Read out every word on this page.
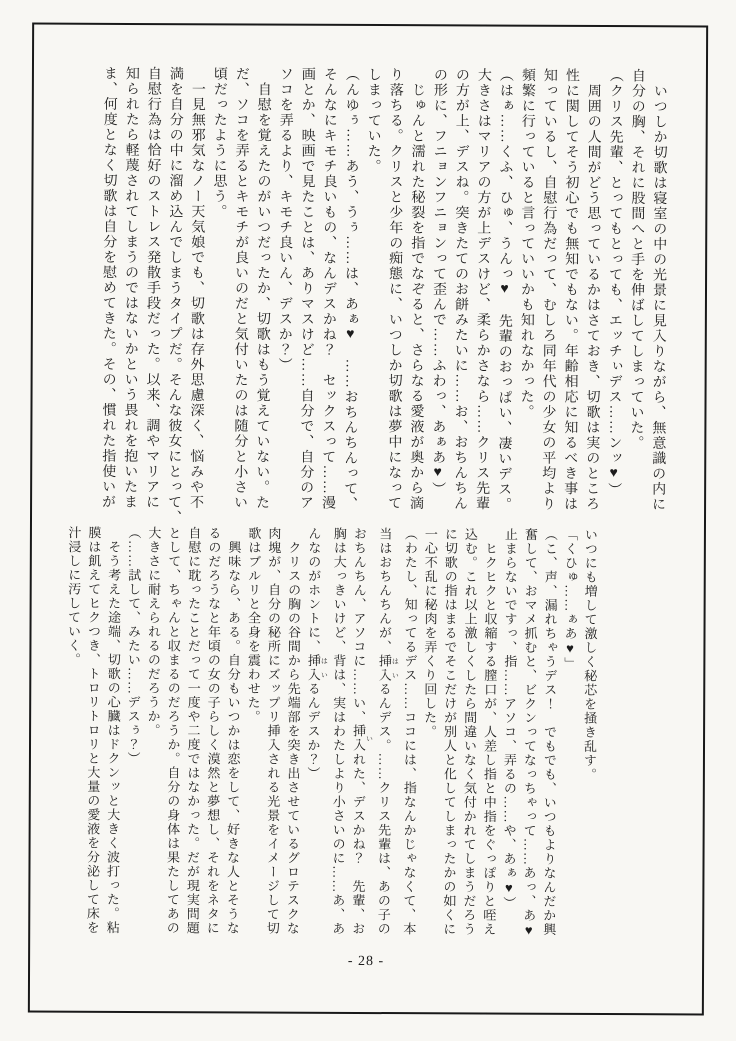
　いつしか切歌は寝室の中の光景に見入りながら、無意識の内に
自分の胸、それに股間へと手を伸ばしてしまっていた。
（クリス先輩、とってもとっても、エッチぃデス……ンッ♥）
　周囲の人間がどう思っているかはさておき、切歌は実のところ
性に関してそう初心でも無知でもない。年齢相応に知るべき事は
知っているし、自慰行為だって、むしろ同年代の少女の平均より
頻繁に行っていると言っていいかも知れなかった。
（はぁ……くふ、ひゅ、うんっ♥　先輩のおっぱい、凄いデス。
大きさはマリアの方が上デスけど、柔らかさなら……クリス先輩
の方が上、デスね。突きたてのお餅みたいに……お、おちんちん
の形に、フニョンフニョンって歪んで……ふわっ、あぁあ♥）
　じゅんと濡れた秘裂を指でなぞると、さらなる愛液が奥から滴
り落ちる。クリスと少年の痴態に、いつしか切歌は夢中になって
しまっていた。
（んゆぅ……あう、うぅ……は、あぁ♥　……おちんちんって、
そんなにキモチ良いもの、なんデスかね？　セックスって……漫
画とか、映画で見たことは、ありマスけど……自分で、自分のア
ソコを弄るより、キモチ良いん、デスか？）
　自慰を覚えたのがいつだったか、切歌はもう覚えていない。た
だ、ソコを弄るとキモチが良いのだと気付いたのは随分と小さい
頃だったように思う。
　一見無邪気なノー天気娘でも、切歌は存外思慮深く、悩みや不
満を自分の中に溜め込んでしまうタイプだ。そんな彼女にとって、
自慰行為は恰好のストレス発散手段だった。以来、調やマリアに
知られたら軽蔑されてしまうのではないかという畏れを抱いたま
ま、何度となく切歌は自分を慰めてきた。その、慣れた指使いが
いつにも増して激しく秘芯を掻き乱す。
「くひゅ……ぁあ♥」
（こ、声、漏れちゃうデス！　でもでも、いつもよりなんだか興
奮して、おマメ抓むと、ビクンってなっちゃって……あっ、あ♥
止まらないですっ、指……アソコ、弄るの……や、あぁ♥）
　ヒクヒクと収縮する膣口が、人差し指と中指をぐっぽりと咥え
込む。これ以上激しくしたら間違いなく気付かれてしまうだろう
に切歌の指はまるでそこだけが別人と化してしまったかの如くに
一心不乱に秘肉を弄くり回した。
（わたし、知ってるデス……ココには、指なんかじゃなくて、本
当はおちんちんが、挿入 はいるんデス。……クリス先輩は、あの子の
おちんちん、アソコに……い、挿入 いれた、デスかね？　先輩、お
胸は大っきいけど、背は、実はわたしより小さいのに……あ、あ
んなのがホントに、挿入 はいるんデスか？）
　クリスの胸の谷間から先端部を突き出させているグロテスクな
肉塊が、自分の秘所にズップリ挿入される光景をイメージして切
歌はブルリと全身を震わせた。
　興味なら、ある。自分もいつかは恋をして、好きな人とそうな
るのだろうなと年頃の女の子らしく漠然と夢想し、それをネタに
自慰に耽ったことだって一度や二度ではなかった。だが現実問題
として、ちゃんと収まるのだろうか。自分の身体は果たしてあの
大きさに耐えられるのだろうか。
（……試して、みたい……デスぅ？）
　そう考えた途端、切歌の心臓はドクンッと大きく波打った。粘
膜は飢えてヒクつき、トロリトロリと大量の愛液を分泌して床を
汁浸しに汚していく。
- 28 -
